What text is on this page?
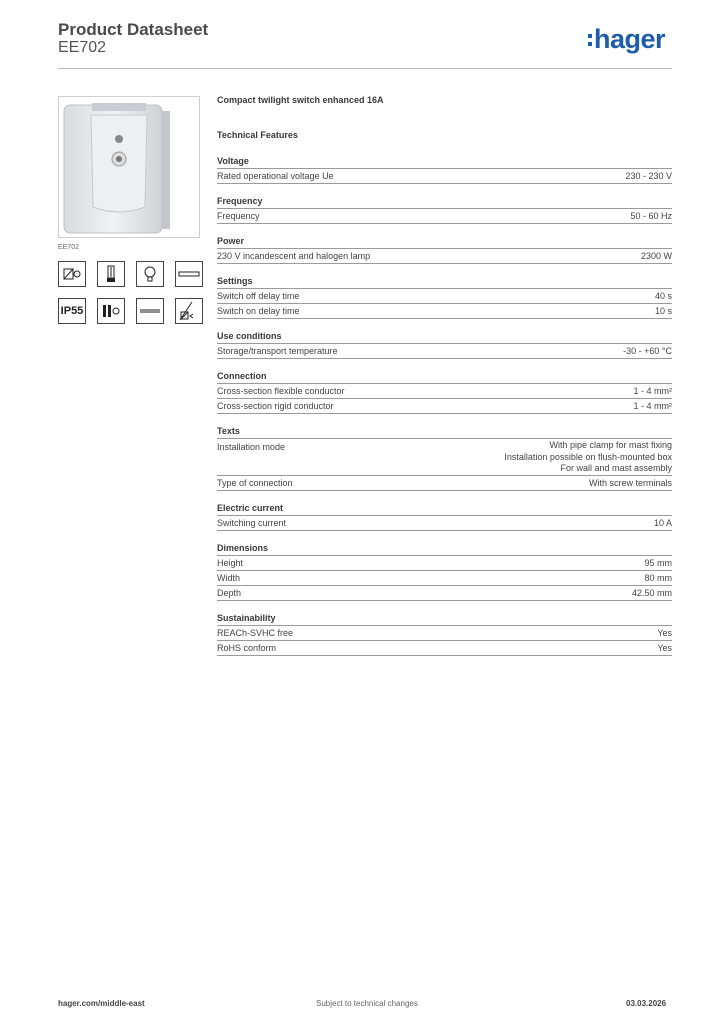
Product Datasheet
EE702	hager
EE702
IP55
Compact twilight switch enhanced 16A
Technical Features
Voltage
Rated operational voltage Ue	230 - 230 V
Frequency
Frequency	50 - 60 Hz
Power
230 V incandescent and halogen lamp	2300 W
Settings
Switch off delay time	40 s
Switch on delay time	10 s
Use conditions
Storage/transport temperature	-30 - +60 °C
Connection
Cross-section flexible conductor	1 - 4 mm²
Cross-section rigid conductor	1 - 4 mm²
Texts
Installation mode	With pipe clamp for mast fixing
Installation possible on flush-mounted box
For wall and mast assembly
Type of connection	With screw terminals
Electric current
Switching current	10 A
Dimensions
Height	95 mm
Width	80 mm
Depth	42.50 mm
Sustainability
REACh-SVHC free	Yes
RoHS conform	Yes
hager.com/middle-east	Subject to technical changes	03.03.2026
